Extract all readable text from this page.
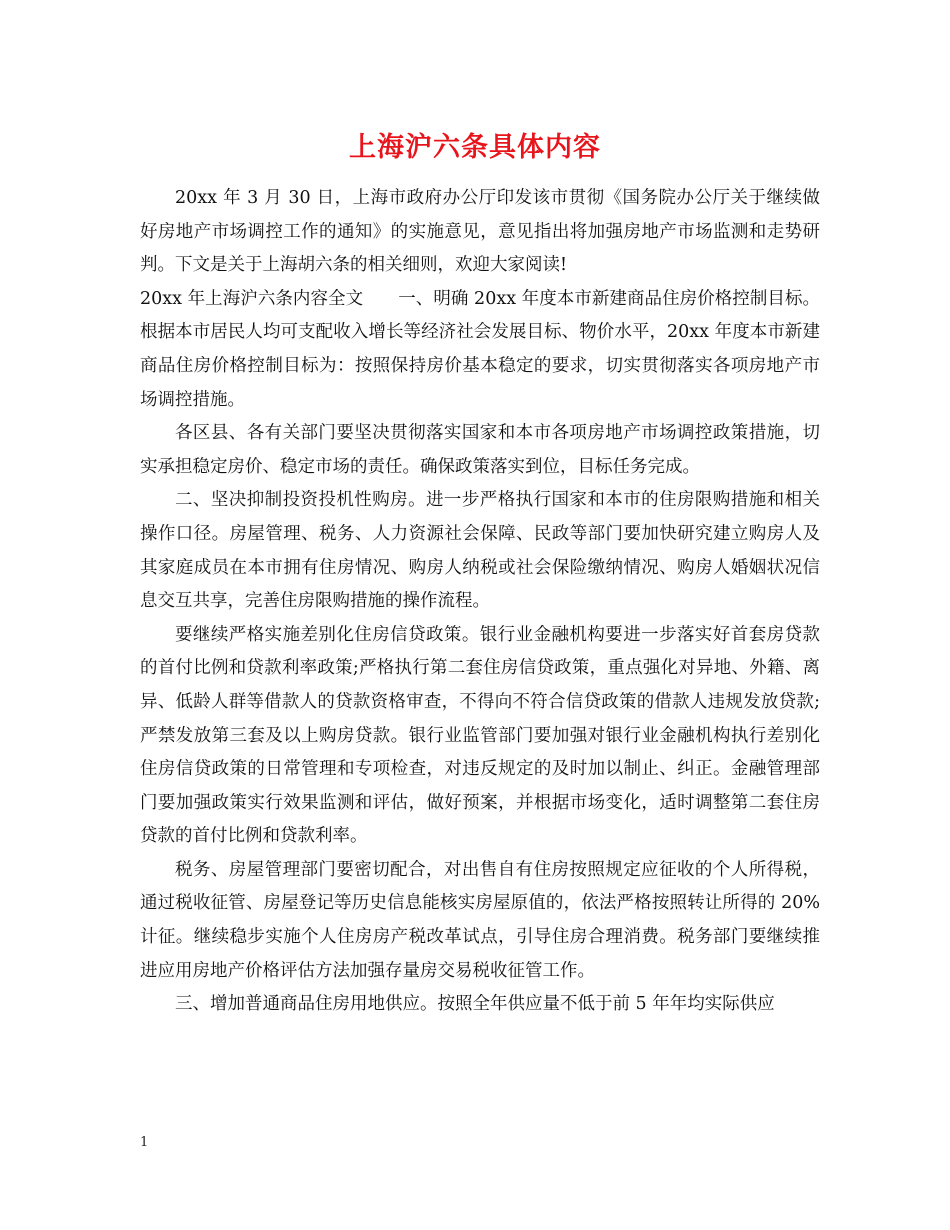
上海沪六条具体内容

20xx 年 3 月 30 日，上海市政府办公厅印发该市贯彻《国务院办公厅关于继续做好房地产市场调控工作的通知》的实施意见，意见指出将加强房地产市场监测和走势研判。下文是关于上海胡六条的相关细则，欢迎大家阅读!

20xx 年上海沪六条内容全文　　一、明确 20xx 年度本市新建商品住房价格控制目标。根据本市居民人均可支配收入增长等经济社会发展目标、物价水平，20xx 年度本市新建商品住房价格控制目标为：按照保持房价基本稳定的要求，切实贯彻落实各项房地产市场调控措施。

各区县、各有关部门要坚决贯彻落实国家和本市各项房地产市场调控政策措施，切实承担稳定房价、稳定市场的责任。确保政策落实到位，目标任务完成。

二、坚决抑制投资投机性购房。进一步严格执行国家和本市的住房限购措施和相关操作口径。房屋管理、税务、人力资源社会保障、民政等部门要加快研究建立购房人及其家庭成员在本市拥有住房情况、购房人纳税或社会保险缴纳情况、购房人婚姻状况信息交互共享，完善住房限购措施的操作流程。

要继续严格实施差别化住房信贷政策。银行业金融机构要进一步落实好首套房贷款的首付比例和贷款利率政策;严格执行第二套住房信贷政策，重点强化对异地、外籍、离异、低龄人群等借款人的贷款资格审查，不得向不符合信贷政策的借款人违规发放贷款;严禁发放第三套及以上购房贷款。银行业监管部门要加强对银行业金融机构执行差别化住房信贷政策的日常管理和专项检查，对违反规定的及时加以制止、纠正。金融管理部门要加强政策实行效果监测和评估，做好预案，并根据市场变化，适时调整第二套住房贷款的首付比例和贷款利率。

税务、房屋管理部门要密切配合，对出售自有住房按照规定应征收的个人所得税，通过税收征管、房屋登记等历史信息能核实房屋原值的，依法严格按照转让所得的 20%计征。继续稳步实施个人住房房产税改革试点，引导住房合理消费。税务部门要继续推进应用房地产价格评估方法加强存量房交易税收征管工作。

三、增加普通商品住房用地供应。按照全年供应量不低于前 5 年年均实际供应

1
